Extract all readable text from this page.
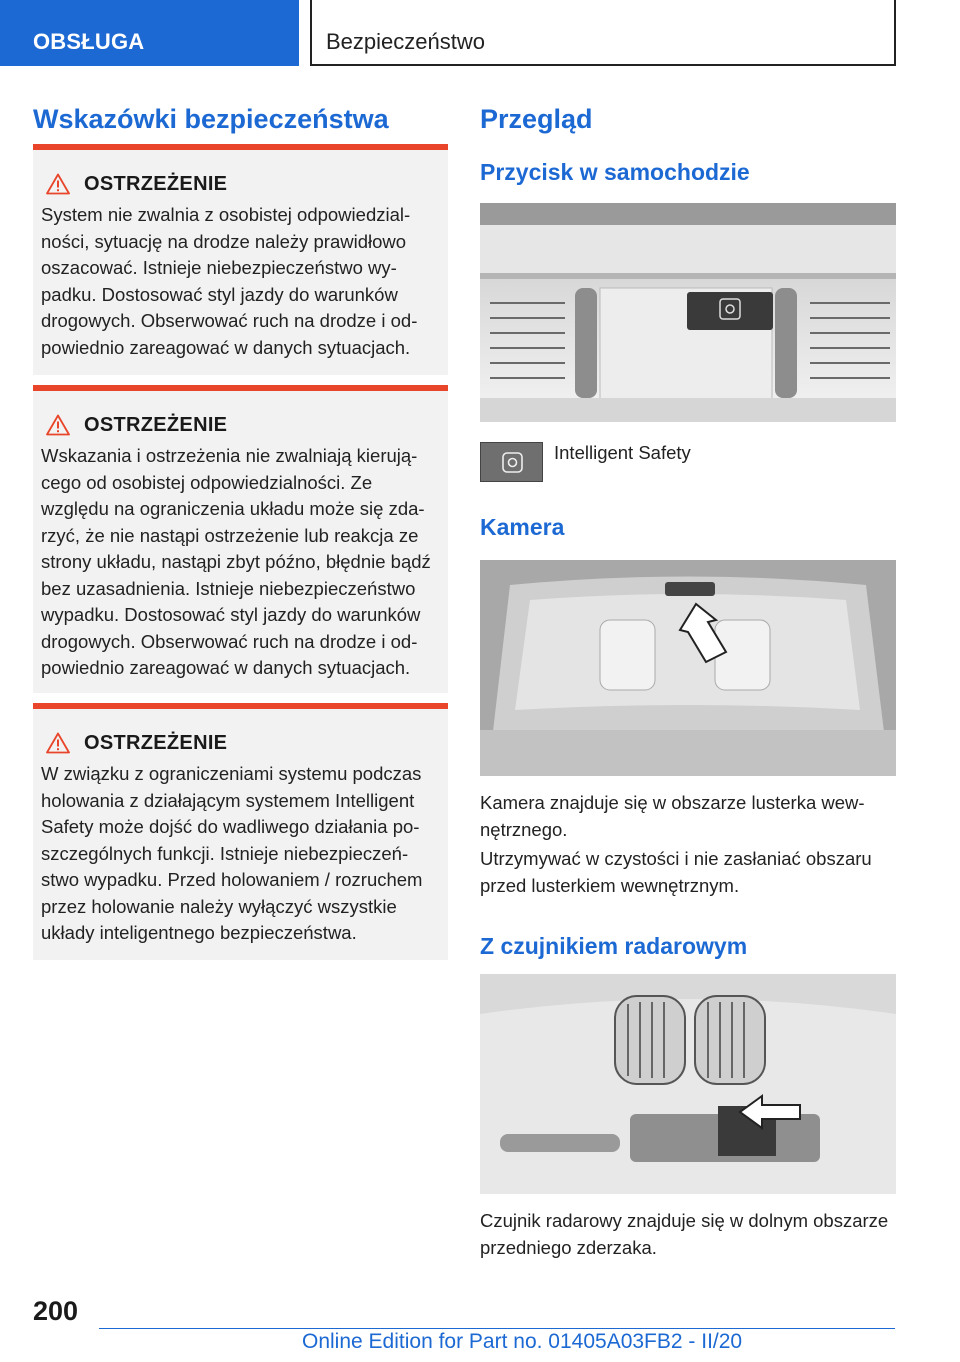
OBSŁUGA	Bezpieczeństwo
Wskazówki bezpieczeństwa
OSTRZEŻENIE

System nie zwalnia z osobistej odpowiedzial-
ności, sytuację na drodze należy prawidłowo
oszacować. Istnieje niebezpieczeństwo wy-
padku. Dostosować styl jazdy do warunków
drogowych. Obserwować ruch na drodze i od-
powiednio zareagować w danych sytuacjach.

OSTRZEŻENIE

Wskazania i ostrzeżenia nie zwalniają kierują-
cego od osobistej odpowiedzialności. Ze
względu na ograniczenia układu może się zda-
rzyć, że nie nastąpi ostrzeżenie lub reakcja ze
strony układu, nastąpi zbyt późno, błędnie bądź
bez uzasadnienia. Istnieje niebezpieczeństwo
wypadku. Dostosować styl jazdy do warunków
drogowych. Obserwować ruch na drodze i od-
powiednio zareagować w danych sytuacjach.

OSTRZEŻENIE

W związku z ograniczeniami systemu podczas
holowania z działającym systemem Intelligent
Safety może dojść do wadliwego działania po-
szczególnych funkcji. Istnieje niebezpieczeń-
stwo wypadku. Przed holowaniem / rozruchem
przez holowanie należy wyłączyć wszystkie
układy inteligentnego bezpieczeństwa.

Przegląd
Przycisk w samochodzie
Intelligent Safety
Kamera
Kamera znajduje się w obszarze lusterka wew-
nętrznego.
Utrzymywać w czystości i nie zasłaniać obszaru
przed lusterkiem wewnętrznym.
Z czujnikiem radarowym
Czujnik radarowy znajduje się w dolnym obszarze
przedniego zderzaka.
200
Online Edition for Part no. 01405A03FB2 - II/20
